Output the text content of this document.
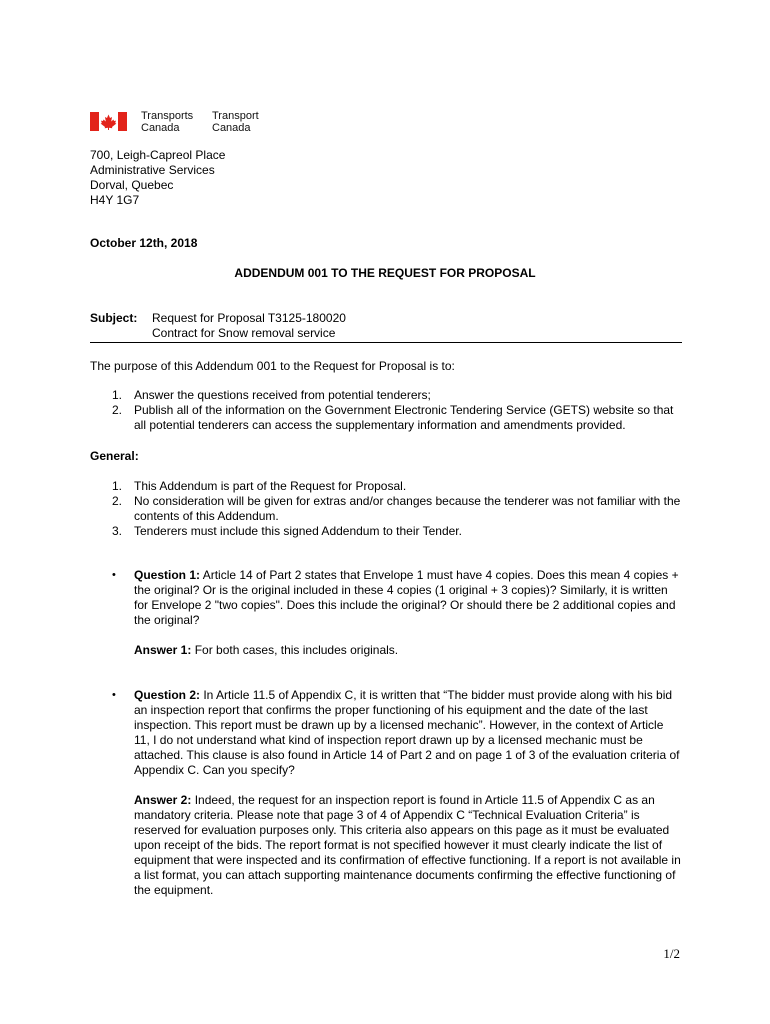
Transports
Canada
Transport
Canada
700, Leigh-Capreol Place
Administrative Services
Dorval, Quebec
H4Y 1G7
October 12th, 2018
ADDENDUM 001 TO THE REQUEST FOR PROPOSAL
Subject: Request for Proposal T3125-180020
Contract for Snow removal service
The purpose of this Addendum 001 to the Request for Proposal is to:
1. Answer the questions received from potential tenderers;
2. Publish all of the information on the Government Electronic Tendering Service (GETS) website so that all potential tenderers can access the supplementary information and amendments provided.
General:
1. This Addendum is part of the Request for Proposal.
2. No consideration will be given for extras and/or changes because the tenderer was not familiar with the contents of this Addendum.
3. Tenderers must include this signed Addendum to their Tender.
• Question 1: Article 14 of Part 2 states that Envelope 1 must have 4 copies. Does this mean 4 copies + the original? Or is the original included in these 4 copies (1 original + 3 copies)? Similarly, it is written for Envelope 2 "two copies". Does this include the original? Or should there be 2 additional copies and the original?
Answer 1: For both cases, this includes originals.
• Question 2: In Article 11.5 of Appendix C, it is written that “The bidder must provide along with his bid an inspection report that confirms the proper functioning of his equipment and the date of the last inspection. This report must be drawn up by a licensed mechanic”. However, in the context of Article 11, I do not understand what kind of inspection report drawn up by a licensed mechanic must be attached. This clause is also found in Article 14 of Part 2 and on page 1 of 3 of the evaluation criteria of Appendix C. Can you specify?
Answer 2: Indeed, the request for an inspection report is found in Article 11.5 of Appendix C as an mandatory criteria. Please note that page 3 of 4 of Appendix C “Technical Evaluation Criteria” is reserved for evaluation purposes only. This criteria also appears on this page as it must be evaluated upon receipt of the bids. The report format is not specified however it must clearly indicate the list of equipment that were inspected and its confirmation of effective functioning. If a report is not available in a list format, you can attach supporting maintenance documents confirming the effective functioning of the equipment.
1/2
